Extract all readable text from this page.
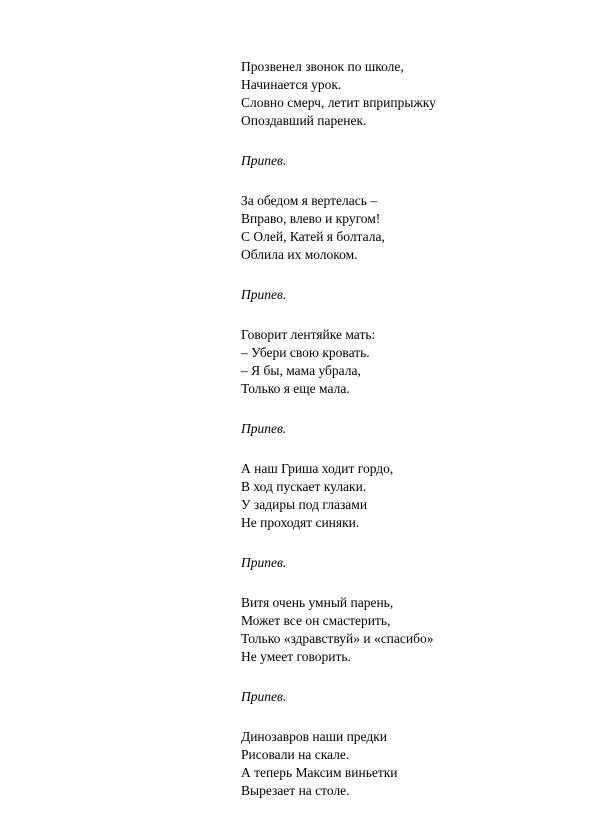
Прозвенел звонок по школе,
Начинается урок.
Словно смерч, летит вприпрыжку
Опоздавший паренек.
Припев.
За обедом я вертелась –
Вправо, влево и кругом!
С Олей, Катей я болтала,
Облила их молоком.
Припев.
Говорит лентяйке мать:
– Убери свою кровать.
– Я бы, мама убрала,
Только я еще мала.
Припев.
А наш Гриша ходит гордо,
В ход пускает кулаки.
У задиры под глазами
Не проходят синяки.
Припев.
Витя очень умный парень,
Может все он смастерить,
Только «здравствуй» и «спасибо»
Не умеет говорить.
Припев.
Динозавров наши предки
Рисовали на скале.
А теперь Максим виньетки
Вырезает на столе.
